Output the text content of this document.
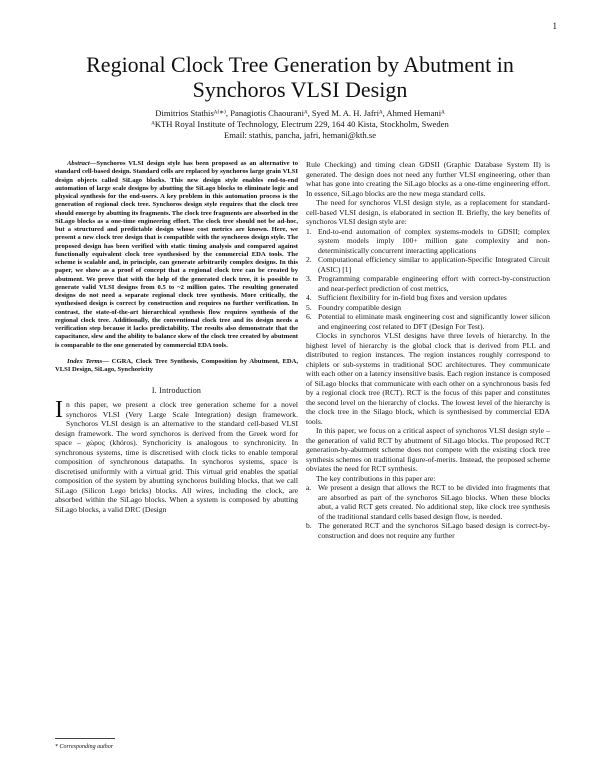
1
Regional Clock Tree Generation by Abutment in
Synchoros VLSI Design
Dimitrios Stathisᴬ⁽*⁾, Panagiotis Chaouraniᴬ, Syed M. A. H. Jafriᴬ, Ahmed Hemaniᴬ
ᴬKTH Royal Institute of Technology, Electrum 229, 164 40 Kista, Stockholm, Sweden
Email: stathis, pancha, jafri, hemani@kth.se

Abstract—Synchoros VLSI design style has been proposed as an alternative to standard cell-based design. Standard cells are replaced by synchoros large grain VLSI design objects called SiLago blocks. This new design style enables end-to-end automation of large scale designs by abutting the SiLago blocks to eliminate logic and physical synthesis for the end-users. A key problem in this automation process is the generation of regional clock tree. Synchoros design style requires that the clock tree should emerge by abutting its fragments. The clock tree fragments are absorbed in the SiLago blocks as a one-time engineering effort. The clock tree should not be ad-hoc, but a structured and predictable design whose cost metrics are known. Here, we present a new clock tree design that is compatible with the synchoros design style. The proposed design has been verified with static timing analysis and compared against functionally equivalent clock tree synthesised by the commercial EDA tools. The scheme is scalable and, in principle, can generate arbitrarily complex designs. In this paper, we show as a proof of concept that a regional clock tree can be created by abutment. We prove that with the help of the generated clock tree, it is possible to generate valid VLSI designs from 0.5 to ~2 million gates. The resulting generated designs do not need a separate regional clock tree synthesis. More critically, the synthesised design is correct by construction and requires no further verification. In contrast, the state-of-the-art hierarchical synthesis flow requires synthesis of the regional clock tree. Additionally, the conventional clock tree and its design needs a verification step because it lacks predictability. The results also demonstrate that the capacitance, slew and the ability to balance skew of the clock tree created by abutment is comparable to the one generated by commercial EDA tools.

Index Terms— CGRA, Clock Tree Synthesis, Composition by Abutment, EDA, VLSI Design, SiLago, Synchoricity

I. Introduction

In this paper, we present a clock tree generation scheme for a novel synchoros VLSI (Very Large Scale Integration) design framework. Synchoros VLSI design is an alternative to the standard cell-based VLSI design framework. The word synchoros is derived from the Greek word for space – χώρος (khóros). Synchoricity is analogous to synchronicity. In synchronous systems, time is discretised with clock ticks to enable temporal composition of synchronous datapaths. In synchoros systems, space is discretised uniformly with a virtual grid. This virtual grid enables the spatial composition of the system by abutting synchoros building blocks, that we call SiLago (Silicon Lego bricks) blocks. All wires, including the clock, are absorbed within the SiLago blocks. When a system is composed by abutting SiLago blocks, a valid DRC (Design

Rule Checking) and timing clean GDSII (Graphic Database System II) is generated. The design does not need any further VLSI engineering, other than what has gone into creating the SiLago blocks as a one-time engineering effort. In essence, SiLago blocks are the new mega standard cells.

The need for synchoros VLSI design style, as a replacement for standard-cell-based VLSI design, is elaborated in section II. Briefly, the key benefits of synchoros VLSI design style are:

1. End-to-end automation of complex systems-models to GDSII; complex system models imply 100+ million gate complexity and non-deterministically concurrent interacting applications
2. Computational efficiency similar to application-Specific Integrated Circuit (ASIC) [1]
3. Programming comparable engineering effort with correct-by-construction and near-perfect prediction of cost metrics,
4. Sufficient flexibility for in-field bug fixes and version updates
5. Foundry compatible design
6. Potential to eliminate mask engineering cost and significantly lower silicon and engineering cost related to DFT (Design For Test).

Clocks in synchoros VLSI designs have three levels of hierarchy. In the highest level of hierarchy is the global clock that is derived from PLL and distributed to region instances. The region instances roughly correspond to chiplets or sub-systems in traditional SOC architectures. They communicate with each other on a latency insensitive basis. Each region instance is composed of SiLago blocks that communicate with each other on a synchronous basis fed by a regional clock tree (RCT). RCT is the focus of this paper and constitutes the second level on the hierarchy of clocks. The lowest level of the hierarchy is the clock tree in the Silago block, which is synthesised by commercial EDA tools.

In this paper, we focus on a critical aspect of synchoros VLSI design style – the generation of valid RCT by abutment of SiLago blocks. The proposed RCT generation-by-abutment scheme does not compete with the existing clock tree synthesis schemes on traditional figure-of-merits. Instead, the proposed scheme obviates the need for RCT synthesis.

The key contributions in this paper are:

a. We present a design that allows the RCT to be divided into fragments that are absorbed as part of the synchoros SiLago blocks. When these blocks abut, a valid RCT gets created. No additional step, like clock tree synthesis of the traditional standard cells based design flow, is needed.
b. The generated RCT and the synchoros SiLago based design is correct-by-construction and does not require any further
* Corresponding author
